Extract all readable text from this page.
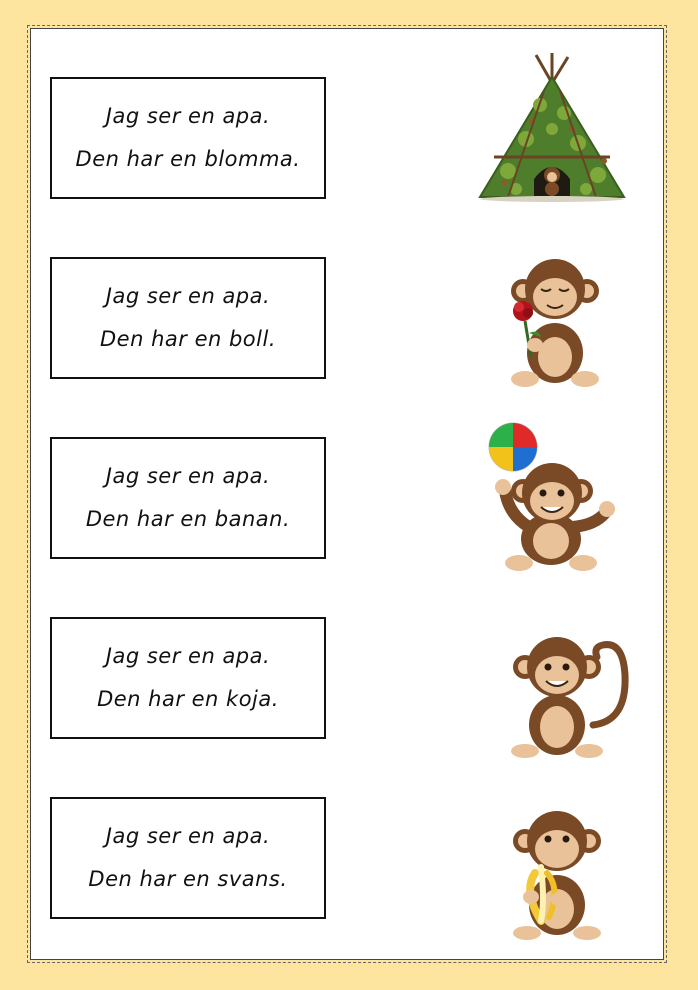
Jag ser en apa.
Den har en blomma.
Jag ser en apa.
Den har en boll.
Jag ser en apa.
Den har en banan.
Jag ser en apa.
Den har en koja.
Jag ser en apa.
Den har en svans.
